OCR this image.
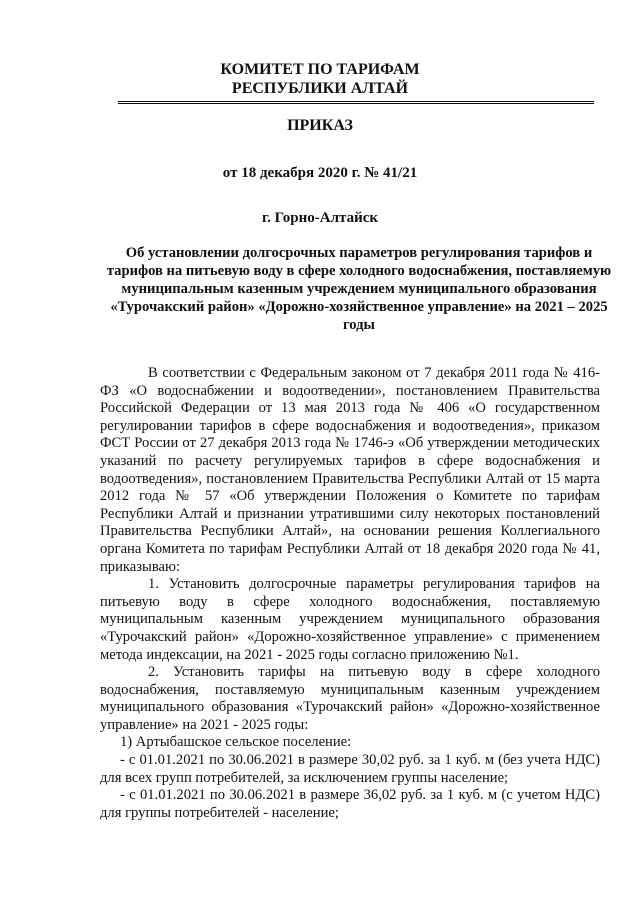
КОМИТЕТ ПО ТАРИФАМ
РЕСПУБЛИКИ АЛТАЙ
ПРИКАЗ
от 18 декабря 2020 г. № 41/21
г. Горно-Алтайск
Об установлении долгосрочных параметров регулирования тарифов и тарифов на питьевую воду в сфере холодного водоснабжения, поставляемую муниципальным казенным учреждением муниципального образования «Турочакский район» «Дорожно-хозяйственное управление» на 2021 – 2025 годы

В соответствии с Федеральным законом от 7 декабря 2011 года № 416-ФЗ «О водоснабжении и водоотведении», постановлением Правительства Российской Федерации от 13 мая 2013 года № 406 «О государственном регулировании тарифов в сфере водоснабжения и водоотведения», приказом ФСТ России от 27 декабря 2013 года № 1746-э «Об утверждении методических указаний по расчету регулируемых тарифов в сфере водоснабжения и водоотведения», постановлением Правительства Республики Алтай от 15 марта 2012 года № 57 «Об утверждении Положения о Комитете по тарифам Республики Алтай и признании утратившими силу некоторых постановлений Правительства Республики Алтай», на основании решения Коллегиального органа Комитета по тарифам Республики Алтай от 18 декабря 2020 года № 41, приказываю:

1. Установить долгосрочные параметры регулирования тарифов на питьевую воду в сфере холодного водоснабжения, поставляемую муниципальным казенным учреждением муниципального образования «Турочакский район» «Дорожно-хозяйственное управление» с применением метода индексации, на 2021 - 2025 годы согласно приложению №1.

2. Установить тарифы на питьевую воду в сфере холодного водоснабжения, поставляемую муниципальным казенным учреждением муниципального образования «Турочакский район» «Дорожно-хозяйственное управление» на 2021 - 2025 годы:

1) Артыбашское сельское поселение:

- с 01.01.2021 по 30.06.2021 в размере 30,02 руб. за 1 куб. м (без учета НДС) для всех групп потребителей, за исключением группы население;

- с 01.01.2021 по 30.06.2021 в размере 36,02 руб. за 1 куб. м (с учетом НДС) для группы потребителей - население;
